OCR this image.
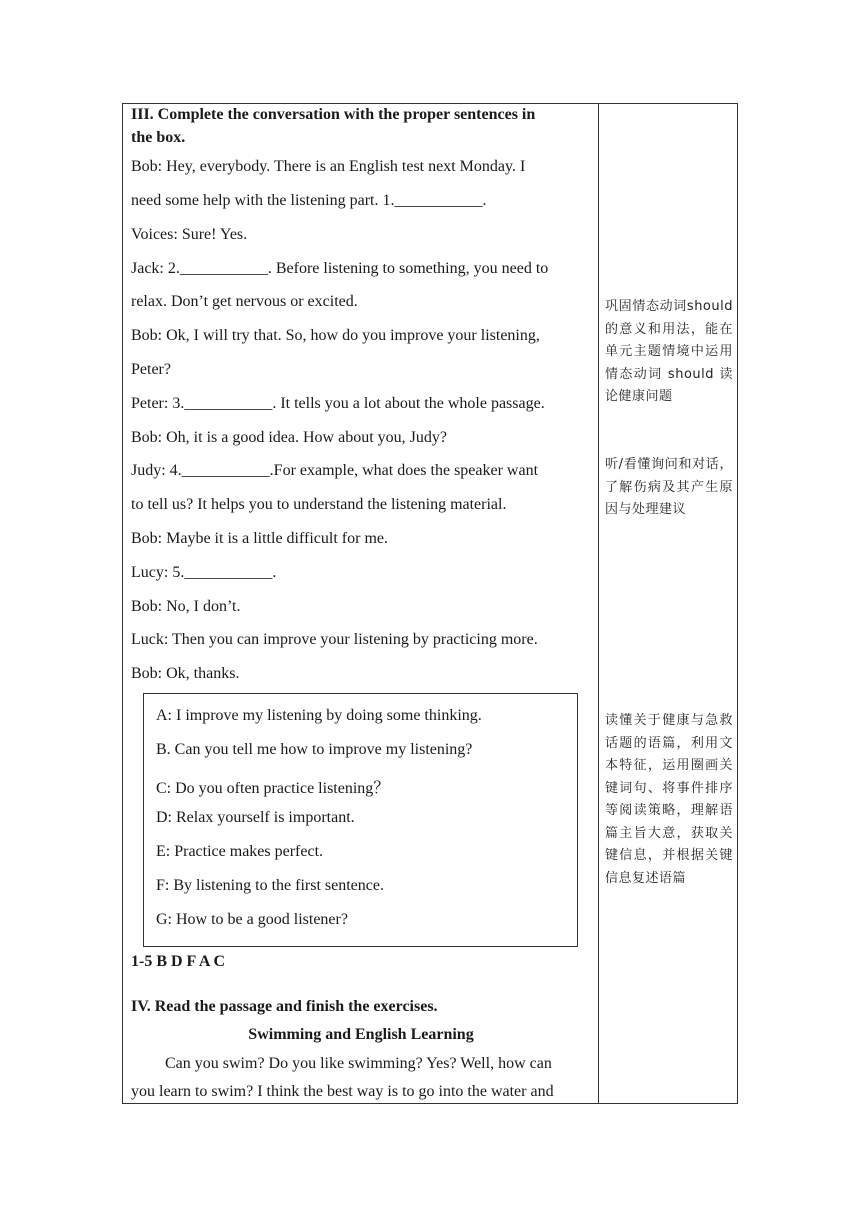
III. Complete the conversation with the proper sentences in
the box.
Bob: Hey, everybody. There is an English test next Monday. I
need some help with the listening part. 1.___________.
Voices: Sure! Yes.
Jack: 2.___________. Before listening to something, you need to
relax. Don’t get nervous or excited.
Bob: Ok, I will try that. So, how do you improve your listening,
Peter?
Peter: 3.___________. It tells you a lot about the whole passage.
Bob: Oh, it is a good idea. How about you, Judy?
Judy: 4.___________.For example, what does the speaker want
to tell us? It helps you to understand the listening material.
Bob: Maybe it is a little difficult for me.
Lucy: 5.___________.
Bob: No, I don’t.
Luck: Then you can improve your listening by practicing more.
Bob: Ok, thanks.
A: I improve my listening by doing some thinking.
B. Can you tell me how to improve my listening?
C: Do you often practice listening？
D: Relax yourself is important.
E: Practice makes perfect.
F: By listening to the first sentence.
G: How to be a good listener?
1-5 B D F A C
IV. Read the passage and finish the exercises.
Swimming and English Learning
Can you swim? Do you like swimming? Yes? Well, how can
you learn to swim? I think the best way is to go into the water and
巩固情态动词should 的意义和用法，能在单元主题情境中运用情态动词 should 读论健康问题
听/看懂询问和对话，了解伤病及其产生原因与处理建议
读懂关于健康与急救话题的语篇，利用文本特征，运用圈画关键词句、将事件排序等阅读策略，理解语篇主旨大意，获取关键信息，并根据关键信息复述语篇
